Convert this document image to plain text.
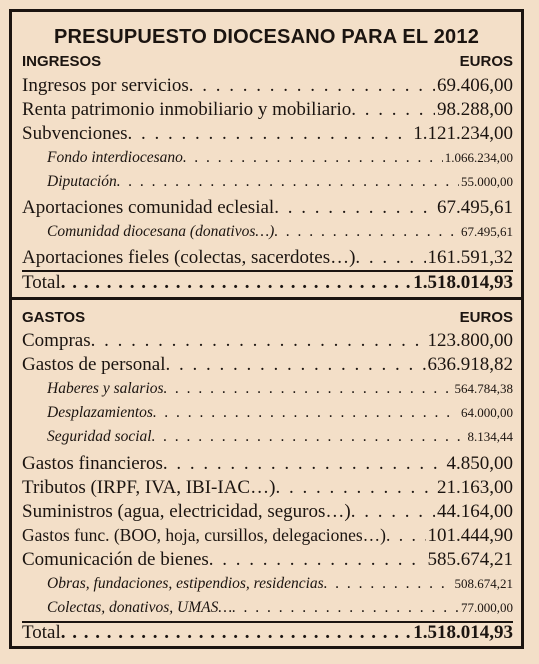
PRESUPUESTO DIOCESANO PARA EL 2012
INGRESOS	EUROS
Ingresos por servicios . . .	69.406,00
Renta patrimonio inmobiliario y mobiliario . . .	98.288,00
Subvenciones . . .	1.121.234,00
Fondo interdiocesano . . .	1.066.234,00
Diputación . . .	55.000,00
Aportaciones comunidad eclesial . . .	67.495,61
Comunidad diocesana (donativos…) . . .	67.495,61
Aportaciones fieles (colectas, sacerdotes…) . . .	161.591,32
Total . . .	1.518.014,93
GASTOS	EUROS
Compras . . .	123.800,00
Gastos de personal . . .	636.918,82
Haberes y salarios . . .	564.784,38
Desplazamientos . . .	64.000,00
Seguridad social . . .	8.134,44
Gastos financieros . . .	4.850,00
Tributos (IRPF, IVA, IBI-IAC…) . . .	21.163,00
Suministros (agua, electricidad, seguros…) . . .	44.164,00
Gastos func. (BOO, hoja, cursillos, delegaciones…) . . . 101.444,90
Comunicación de bienes . . .	585.674,21
Obras, fundaciones, estipendios, residencias . . .	508.674,21
Colectas, donativos, UMAS… . . .	77.000,00
Total . . .	1.518.014,93
